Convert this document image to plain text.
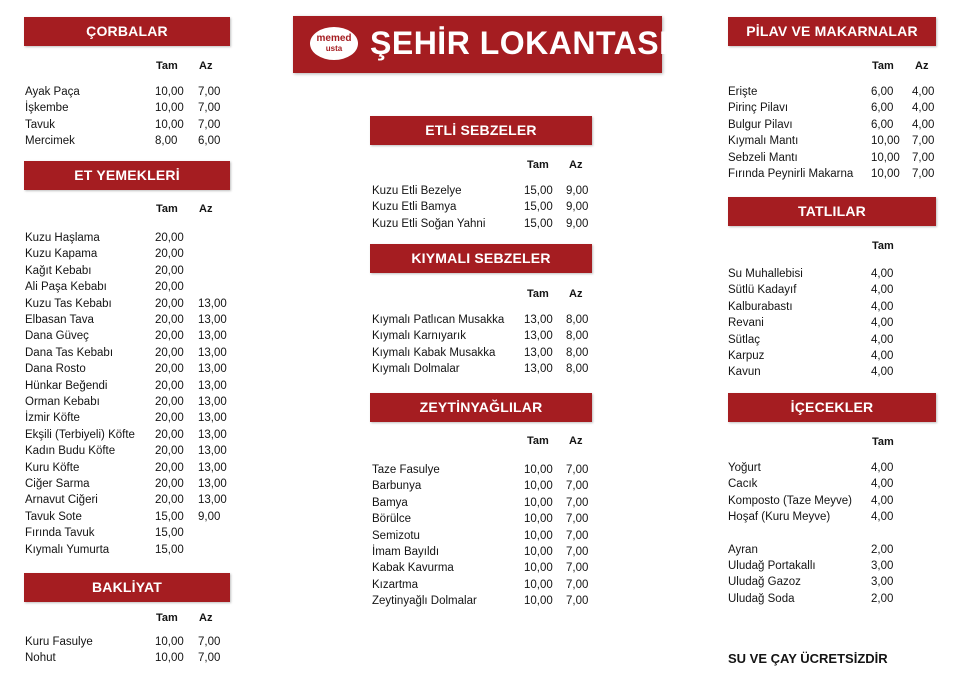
memed
usta ŞEHİR LOKANTASI
ÇORBALAR
Tam	Az
Ayak Paça	10,00 7,00
İşkembe	10,00 7,00
Tavuk	10,00 7,00
Mercimek	8,00 6,00
ET YEMEKLERİ
Tam	Az
Kuzu Haşlama	20,00
Kuzu Kapama	20,00
Kağıt Kebabı	20,00
Ali Paşa Kebabı	20,00
Kuzu Tas Kebabı	20,00 13,00
Elbasan Tava	20,00 13,00
Dana Güveç	20,00 13,00
Dana Tas Kebabı	20,00 13,00
Dana Rosto	20,00 13,00
Hünkar Beğendi	20,00 13,00
Orman Kebabı	20,00 13,00
İzmir Köfte	20,00 13,00
Ekşili (Terbiyeli) Köfte 20,00 13,00
Kadın Budu Köfte	20,00 13,00
Kuru Köfte	20,00 13,00
Ciğer Sarma	20,00 13,00
Arnavut Ciğeri	20,00 13,00
Tavuk Sote	15,00 9,00
Fırında Tavuk	15,00
Kıymalı Yumurta	15,00
BAKLİYAT
Tam	Az
Kuru Fasulye	10,00 7,00
Nohut	10,00 7,00
ETLİ SEBZELER
Tam	Az
Kuzu Etli Bezelye	15,00 9,00
Kuzu Etli Bamya	15,00 9,00
Kuzu Etli Soğan Yahni	15,00 9,00
KIYMALI SEBZELER
Tam	Az
Kıymalı Patlıcan Musakka 13,00 8,00
Kıymalı Karnıyarık	13,00 8,00
Kıymalı Kabak Musakka 13,00 8,00
Kıymalı Dolmalar	13,00 8,00
ZEYTİNYAĞLILAR
Tam	Az
Taze Fasulye	10,00 7,00
Barbunya	10,00 7,00
Bamya	10,00 7,00
Börülce	10,00 7,00
Semizotu	10,00 7,00
İmam Bayıldı	10,00 7,00
Kabak Kavurma	10,00 7,00
Kızartma	10,00 7,00
Zeytinyağlı Dolmalar	10,00 7,00
PİLAV VE MAKARNALAR
Tam	Az
Erişte	6,00 4,00
Pirinç Pilavı	6,00 4,00
Bulgur Pilavı	6,00 4,00
Kıymalı Mantı	10,00 7,00
Sebzeli Mantı	10,00 7,00
Fırında Peynirli Makarna 10,00 7,00
TATLILAR
Tam
Su Muhallebisi	4,00
Sütlü Kadayıf	4,00
Kalburabastı	4,00
Revani	4,00
Sütlaç	4,00
Karpuz	4,00
Kavun	4,00
İÇECEKLER
Tam
Yoğurt	4,00
Cacık	4,00
Komposto (Taze Meyve) 4,00
Hoşaf (Kuru Meyve)	4,00
Ayran	2,00
Uludağ Portakallı	3,00
Uludağ Gazoz	3,00
Uludağ Soda	2,00
SU VE ÇAY ÜCRETSİZDİR
